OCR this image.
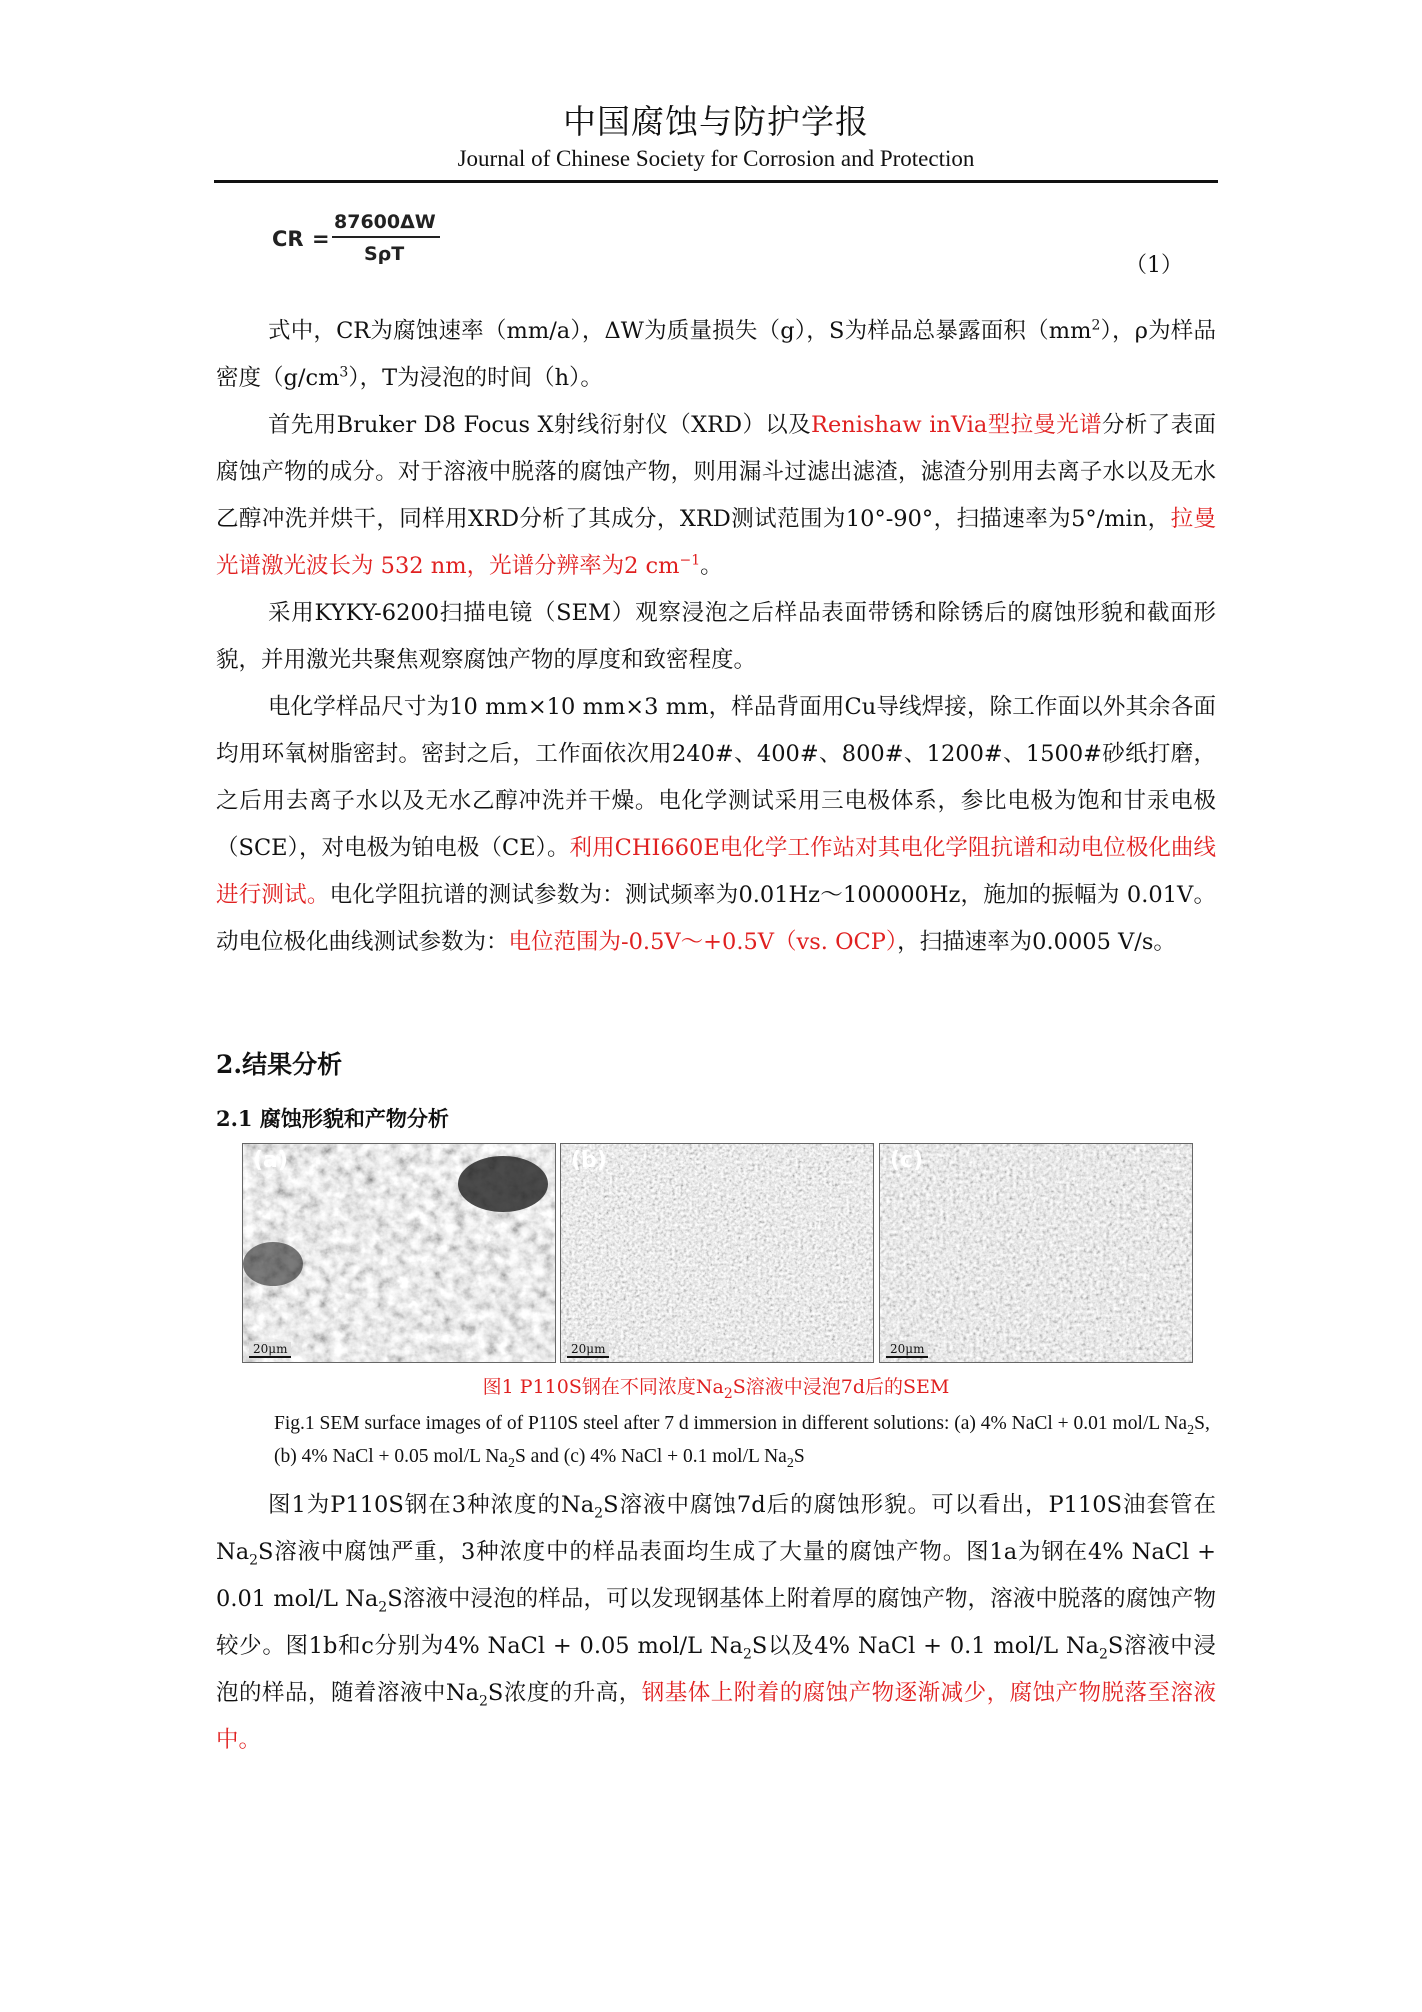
中国腐蚀与防护学报
Journal of Chinese Society for Corrosion and Protection
CR =
87600ΔW
SρT	（1）

式中，CR为腐蚀速率（mm/a），ΔW为质量损失（g），S为样品总暴露面积$(mm^2)$，ρ为样品密度$(g/cm^3)$，T为浸泡的时间（h）。

首先用Bruker D8 Focus X射线衍射仪（XRD）以及Renishaw inVia型拉曼光谱分析了表面腐蚀产物的成分。对于溶液中脱落的腐蚀产物，则用漏斗过滤出滤渣，滤渣分别用去离子水以及无水乙醇冲洗并烘干，同样用XRD分析了其成分，XRD测试范围为10°-90°，扫描速率为5°/min，拉曼光谱激光波长为 532 nm，光谱分辨率为2 $cm^{-1}$。

采用KYKY-6200扫描电镜（SEM）观察浸泡之后样品表面带锈和除锈后的腐蚀形貌和截面形貌，并用激光共聚焦观察腐蚀产物的厚度和致密程度。

电化学样品尺寸为10 mm×10 mm×3 mm，样品背面用Cu导线焊接，除工作面以外其余各面均用环氧树脂密封。密封之后，工作面依次用240#、400#、800#、1200#、1500#砂纸打磨，之后用去离子水以及无水乙醇冲洗并干燥。电化学测试采用三电极体系，参比电极为饱和甘汞电极（SCE），对电极为铂电极（CE）。利用CHI660E电化学工作站对其电化学阻抗谱和动电位极化曲线进行测试。电化学阻抗谱的测试参数为：测试频率为0.01Hz～100000Hz，施加的振幅为 0.01V。动电位极化曲线测试参数为：电位范围为-0.5V～+0.5V（vs. OCP），扫描速率为0.0005 V/s。

2.结果分析
2.1 腐蚀形貌和产物分析
(a)
20μm
(b)
20μm
(c)
20μm
图1 P110S钢在不同浓度$Na_2S$溶液中浸泡7d后的SEM
Fig.1 SEM surface images of of P110S steel after 7 d immersion in different solutions: (a) 4% NaCl + 0.01 mol/L $Na_2S$, (b) 4% NaCl + 0.05 mol/L $Na_2S$ and (c) 4% NaCl + 0.1 mol/L $Na_2S$

图1为P110S钢在3种浓度的$Na_2S$溶液中腐蚀7d后的腐蚀形貌。可以看出，P110S油套管在$Na_2S$溶液中腐蚀严重，3种浓度中的样品表面均生成了大量的腐蚀产物。图1a为钢在4% NaCl + 0.01 mol/L $Na_2S$溶液中浸泡的样品，可以发现钢基体上附着厚的腐蚀产物，溶液中脱落的腐蚀产物较少。图1b和c分别为4% NaCl + 0.05 mol/L $Na_2S$以及4% NaCl + 0.1 mol/L $Na_2S$溶液中浸泡的样品，随着溶液中$Na_2S$浓度的升高，钢基体上附着的腐蚀产物逐渐减少，腐蚀产物脱落至溶液中。
